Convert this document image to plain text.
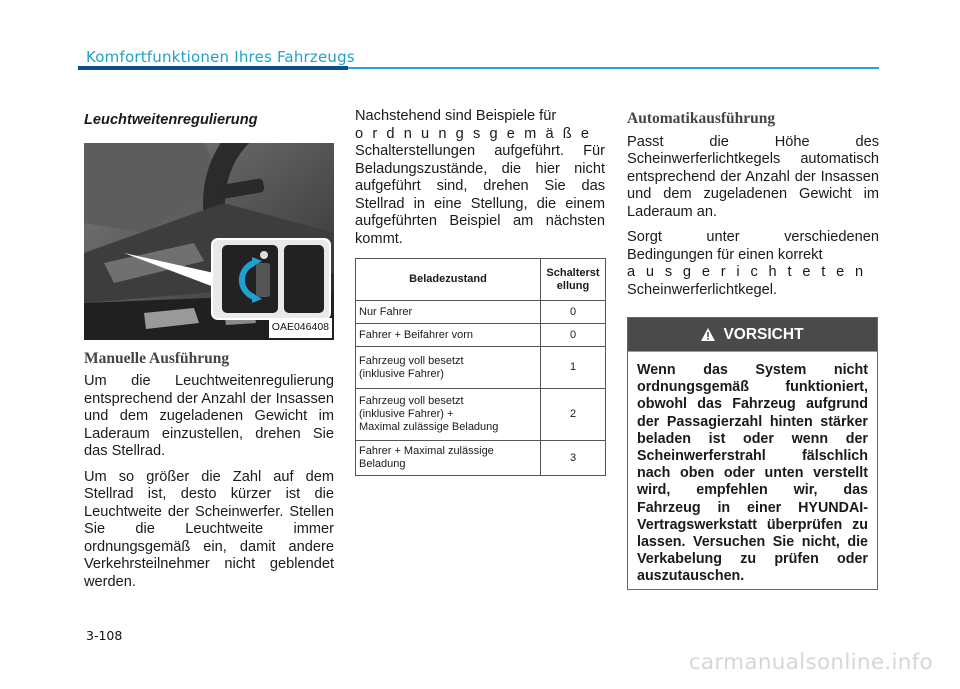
Komfortfunktionen Ihres Fahrzeugs
Leuchtweitenregulierung
OAE046408
Manuelle Ausführung

Um die Leuchtweitenregulierung entsprechend der Anzahl der Insassen und dem zugeladenen Gewicht im Laderaum einzustellen, drehen Sie das Stellrad.

Um so größer die Zahl auf dem Stellrad ist, desto kürzer ist die Leuchtweite der Scheinwerfer. Stellen Sie die Leuchtweite immer ordnungsgemäß ein, damit andere Verkehrsteilnehmer nicht geblendet werden.

Nachstehend sind Beispiele für
ordnungsgemäße
Schalterstellungen aufgeführt. Für Beladungszustände, die hier nicht aufgeführt sind, drehen Sie das Stellrad in eine Stellung, die einem aufgeführten Beispiel am nächsten kommt.

Beladezustand	Schalterst ellung

Nur Fahrer	0

Fahrer + Beifahrer vorn	0

Fahrzeug voll besetzt
(inklusive Fahrer)	1

Fahrzeug voll besetzt
(inklusive Fahrer) +
Maximal zulässige Beladung	2

Fahrer + Maximal zulässige
Beladung	3
Automatikausführung

Passt die Höhe des Scheinwerferlichtkegels automatisch entsprechend der Anzahl der Insassen und dem zugeladenen Gewicht im Laderaum an.

Sorgt unter verschiedenen Bedingungen für einen korrekt
ausgerichteten
Scheinwerferlichtkegel.

VORSICHT
Wenn das System nicht ordnungsgemäß funktioniert, obwohl das Fahrzeug aufgrund der Passagierzahl hinten stärker beladen ist oder wenn der Scheinwerferstrahl fälschlich nach oben oder unten verstellt wird, empfehlen wir, das Fahrzeug in einer HYUNDAI-Vertragswerkstatt überprüfen zu lassen. Versuchen Sie nicht, die Verkabelung zu prüfen oder auszutauschen.
3-108
carmanualsonline.info
